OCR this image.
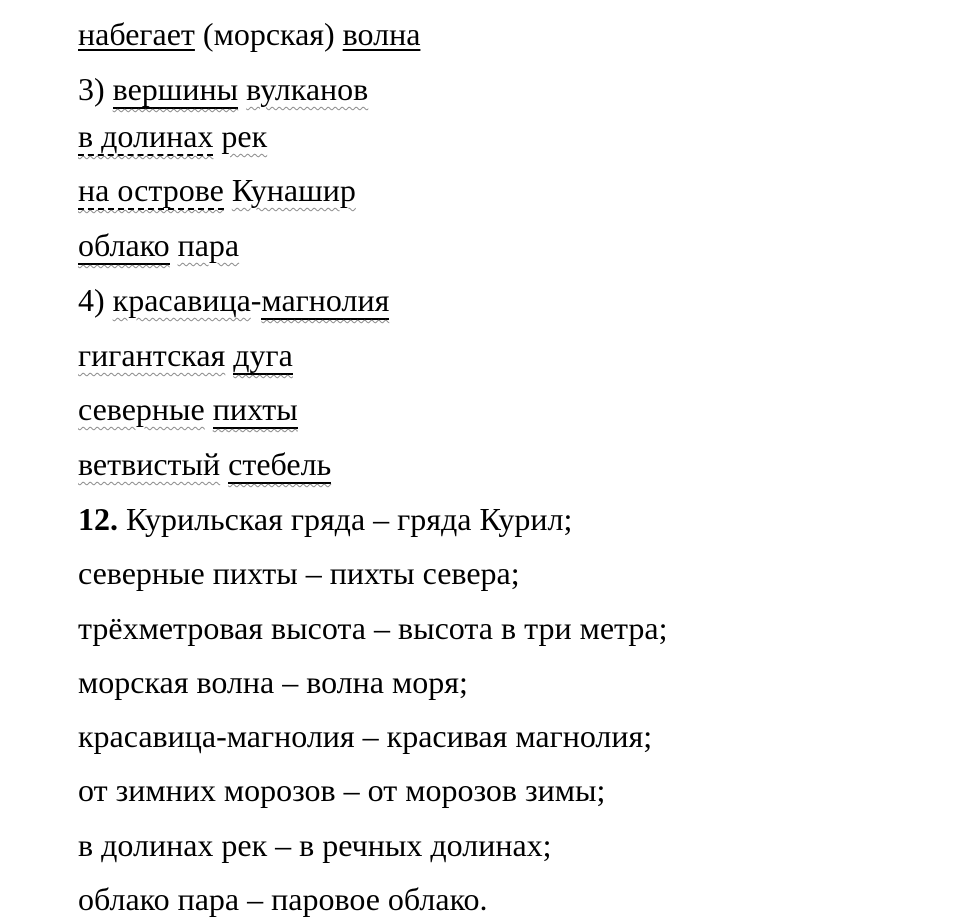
набегает (морская) волна
3) вершины вулканов
в долинах рек
на острове Кунашир
облако пара
4) красавица-магнолия
гигантская дуга
северные пихты
ветвистый стебель
12. Курильская гряда – гряда Курил;
северные пихты – пихты севера;
трёхметровая высота – высота в три метра;
морская волна – волна моря;
красавица-магнолия – красивая магнолия;
от зимних морозов – от морозов зимы;
в долинах рек – в речных долинах;
облако пара – паровое облако.
